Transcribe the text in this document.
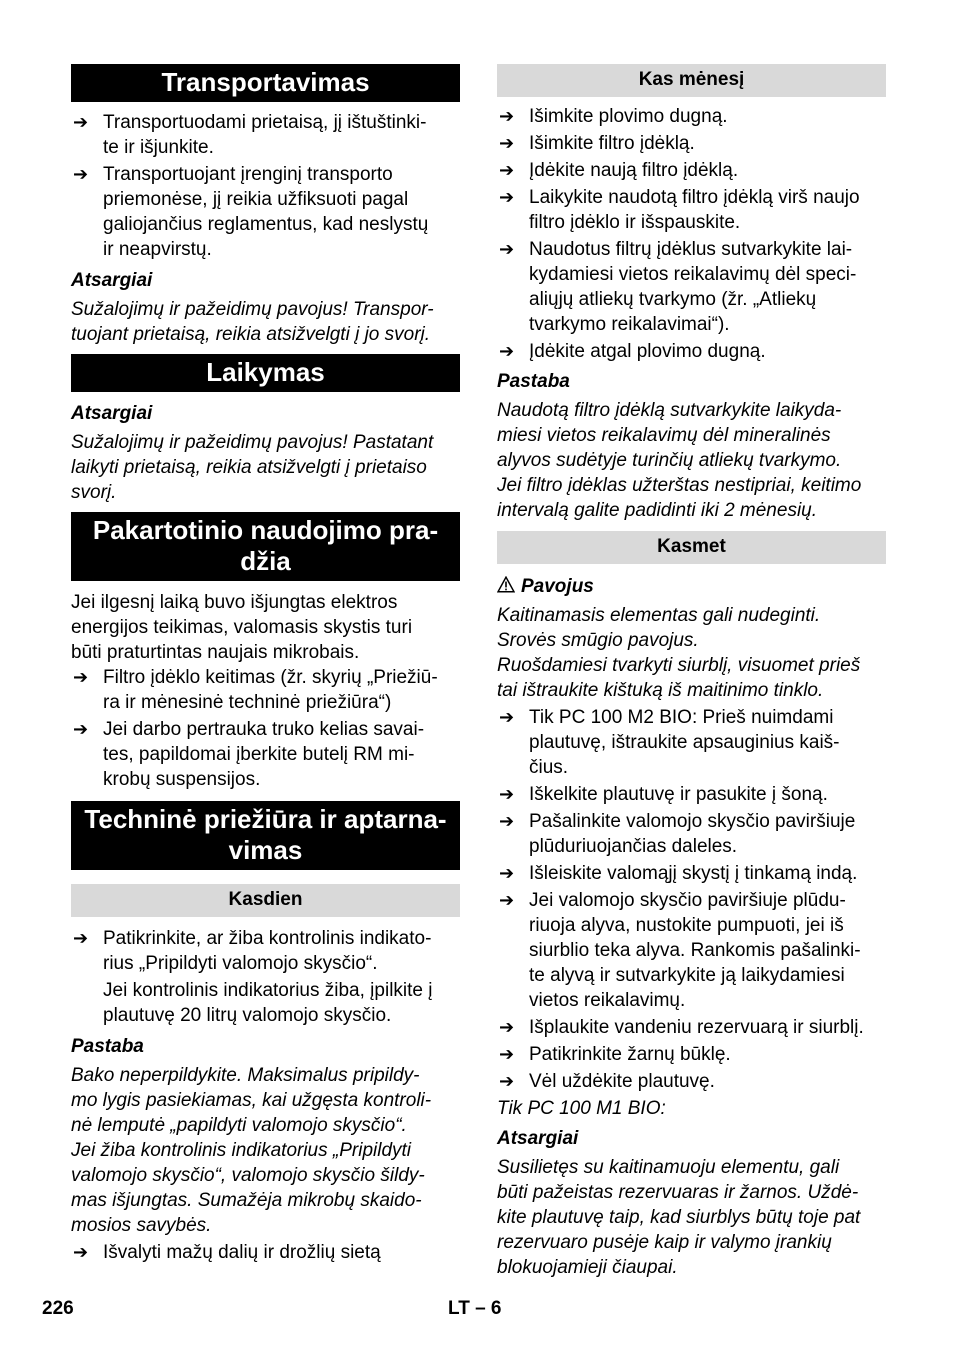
Transportavimas
➔ Transportuodami prietaisą, jį ištuštinki-
te ir išjunkite.

➔ Transportuojant įrenginį transporto
priemonėse, jį reikia užfiksuoti pagal
galiojančius reglamentus, kad neslystų
ir neapvirstų.

Atsargiai

Sužalojimų ir pažeidimų pavojus! Transpor-
tuojant prietaisą, reikia atsižvelgti į jo svorį.

Laikymas

Atsargiai

Sužalojimų ir pažeidimų pavojus! Pastatant
laikyti prietaisą, reikia atsižvelgti į prietaiso
svorį.

Pakartotinio naudojimo pra-
džia

Jei ilgesnį laiką buvo išjungtas elektros
energijos teikimas, valomasis skystis turi
būti praturtintas naujais mikrobais.

➔ Filtro įdėklo keitimas (žr. skyrių „Priežiū-
ra ir mėnesinė techninė priežiūra“)

➔ Jei darbo pertrauka truko kelias savai-
tes, papildomai įberkite butelį RM mi-
krobų suspensijos.

Techninė priežiūra ir aptarna-
vimas
Kasdien
➔ Patikrinkite, ar žiba kontrolinis indikato-
rius „Pripildyti valomojo skysčio“.

Jei kontrolinis indikatorius žiba, įpilkite į
plautuvę 20 litrų valomojo skysčio.

Pastaba

Bako neperpildykite. Maksimalus pripildy-
mo lygis pasiekiamas, kai užgęsta kontroli-
nė lemputė „papildyti valomojo skysčio“.
Jei žiba kontrolinis indikatorius „Pripildyti
valomojo skysčio“, valomojo skysčio šildy-
mas išjungtas. Sumažėja mikrobų skaido-
mosios savybės.

➔ Išvalyti mažų dalių ir drožlių sietą

Kas mėnesį
➔ Išimkite plovimo dugną.

➔ Išimkite filtro įdėklą.

➔ Įdėkite naują filtro įdėklą.

➔ Laikykite naudotą filtro įdėklą virš naujo
filtro įdėklo ir išspauskite.

➔ Naudotus filtrų įdėklus sutvarkykite lai-
kydamiesi vietos reikalavimų dėl speci-
aliųjų atliekų tvarkymo (žr. „Atliekų
tvarkymo reikalavimai“).

➔ Įdėkite atgal plovimo dugną.

Pastaba

Naudotą filtro įdėklą sutvarkykite laikyda-
miesi vietos reikalavimų dėl mineralinės
alyvos sudėtyje turinčių atliekų tvarkymo.
Jei filtro įdėklas užterštas nestipriai, keitimo
intervalą galite padidinti iki 2 mėnesių.

Kasmet

Pavojus

Kaitinamasis elementas gali nudeginti.
Srovės smūgio pavojus.
Ruošdamiesi tvarkyti siurblį, visuomet prieš
tai ištraukite kištuką iš maitinimo tinklo.

➔ Tik PC 100 M2 BIO: Prieš nuimdami
plautuvę, ištraukite apsauginius kaiš-
čius.

➔ Iškelkite plautuvę ir pasukite į šoną.

➔ Pašalinkite valomojo skysčio paviršiuje
plūduriuojančias daleles.

➔ Išleiskite valomąjį skystį į tinkamą indą.

➔ Jei valomojo skysčio paviršiuje plūdu-
riuoja alyva, nustokite pumpuoti, jei iš
siurblio teka alyva. Rankomis pašalinki-
te alyvą ir sutvarkykite ją laikydamiesi
vietos reikalavimų.

➔ Išplaukite vandeniu rezervuarą ir siurblį.

➔ Patikrinkite žarnų būklę.

➔ Vėl uždėkite plautuvę.

Tik PC 100 M1 BIO:

Atsargiai

Susilietęs su kaitinamuoju elementu, gali
būti pažeistas rezervuaras ir žarnos. Uždė-
kite plautuvę taip, kad siurblys būtų toje pat
rezervuaro pusėje kaip ir valymo įrankių
blokuojamieji čiaupai.

226	LT – 6
